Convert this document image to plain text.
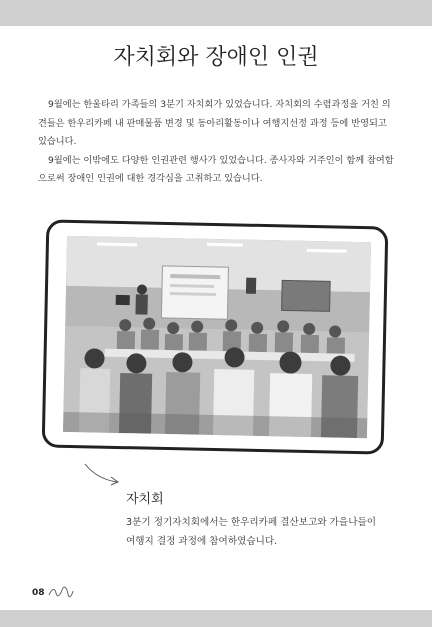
자치회와 장애인 인권

9월에는 한울타리 가족들의 3분기 자치회가 있었습니다. 자치회의 수렴과정을 거친 의견들은 한우리카페 내 판매물품 변경 및 동아리활동이나 여행지선정 과정 등에 반영되고 있습니다.

9월에는 이밖에도 다양한 인권관련 행사가 있었습니다. 종사자와 거주인이 함께 참여함으로써 장애인 인권에 대한 경각심을 고취하고 있습니다.

자치회
3분기 정기자치회에서는 한우리카페 결산보고와 가을나들이 여행지 결정 과정에 참여하였습니다.
08
